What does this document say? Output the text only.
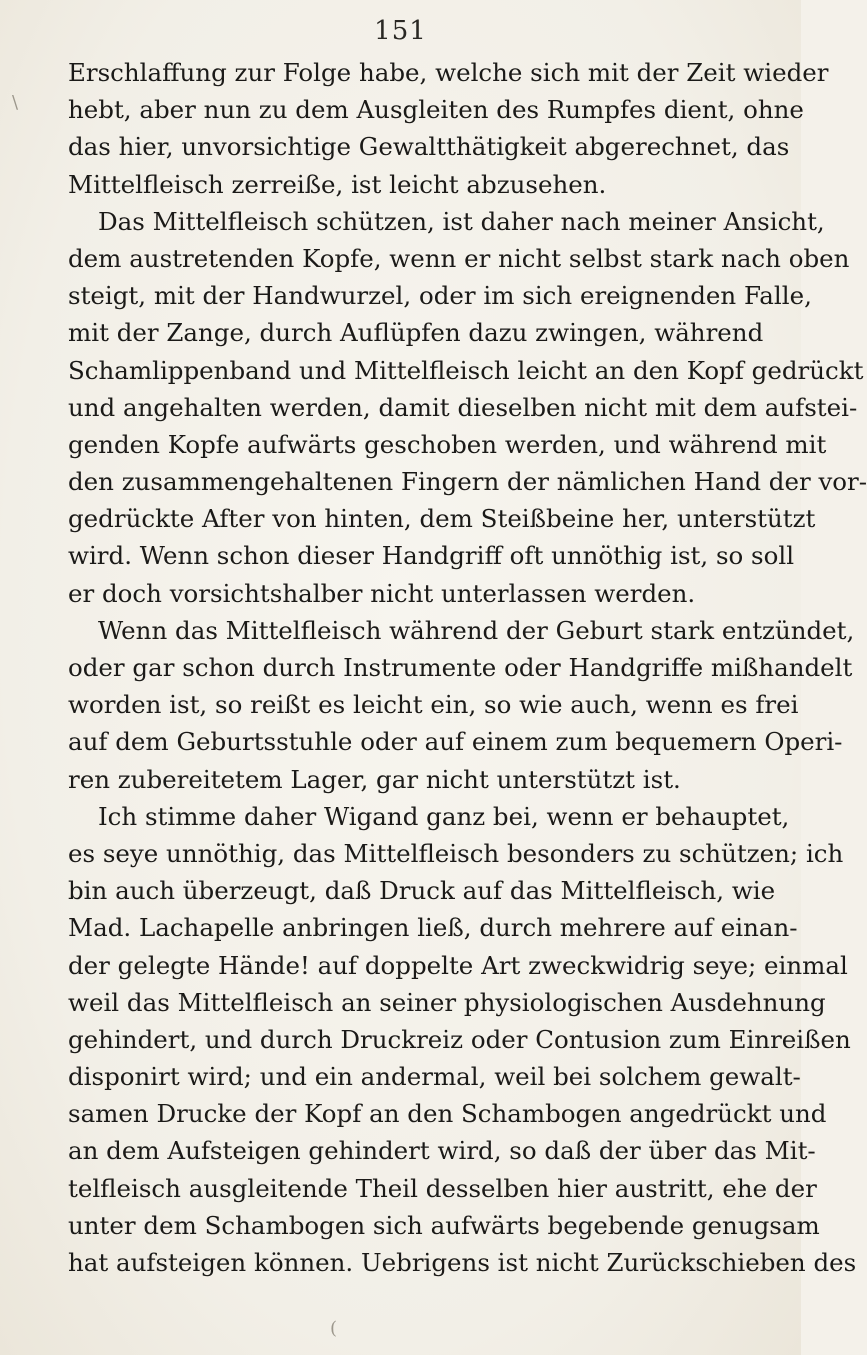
151
\
(
Erschlaffung zur Folge habe, welche sich mit der Zeit wieder
hebt, aber nun zu dem Ausgleiten des Rumpfes dient, ohne
das hier, unvorsichtige Gewaltthätigkeit abgerechnet, das
Mittelfleisch zerreiße, ist leicht abzusehen.
Das Mittelfleisch schützen, ist daher nach meiner Ansicht,
dem austretenden Kopfe, wenn er nicht selbst stark nach oben
steigt, mit der Handwurzel, oder im sich ereignenden Falle,
mit der Zange, durch Auflüpfen dazu zwingen, während
Schamlippenband und Mittelfleisch leicht an den Kopf gedrückt
und angehalten werden, damit dieselben nicht mit dem aufstei-
genden Kopfe aufwärts geschoben werden, und während mit
den zusammengehaltenen Fingern der nämlichen Hand der vor-
gedrückte After von hinten, dem Steißbeine her, unterstützt
wird. Wenn schon dieser Handgriff oft unnöthig ist, so soll
er doch vorsichtshalber nicht unterlassen werden.
Wenn das Mittelfleisch während der Geburt stark entzündet,
oder gar schon durch Instrumente oder Handgriffe mißhandelt
worden ist, so reißt es leicht ein, so wie auch, wenn es frei
auf dem Geburtsstuhle oder auf einem zum bequemern Operi-
ren zubereitetem Lager, gar nicht unterstützt ist.
Ich stimme daher Wigand ganz bei, wenn er behauptet,
es seye unnöthig, das Mittelfleisch besonders zu schützen; ich
bin auch überzeugt, daß Druck auf das Mittelfleisch, wie
Mad. Lachapelle anbringen ließ, durch mehrere auf einan-
der gelegte Hände! auf doppelte Art zweckwidrig seye; einmal
weil das Mittelfleisch an seiner physiologischen Ausdehnung
gehindert, und durch Druckreiz oder Contusion zum Einreißen
disponirt wird; und ein andermal, weil bei solchem gewalt-
samen Drucke der Kopf an den Schambogen angedrückt und
an dem Aufsteigen gehindert wird, so daß der über das Mit-
telfleisch ausgleitende Theil desselben hier austritt, ehe der
unter dem Schambogen sich aufwärts begebende genugsam
hat aufsteigen können. Uebrigens ist nicht Zurückschieben des
